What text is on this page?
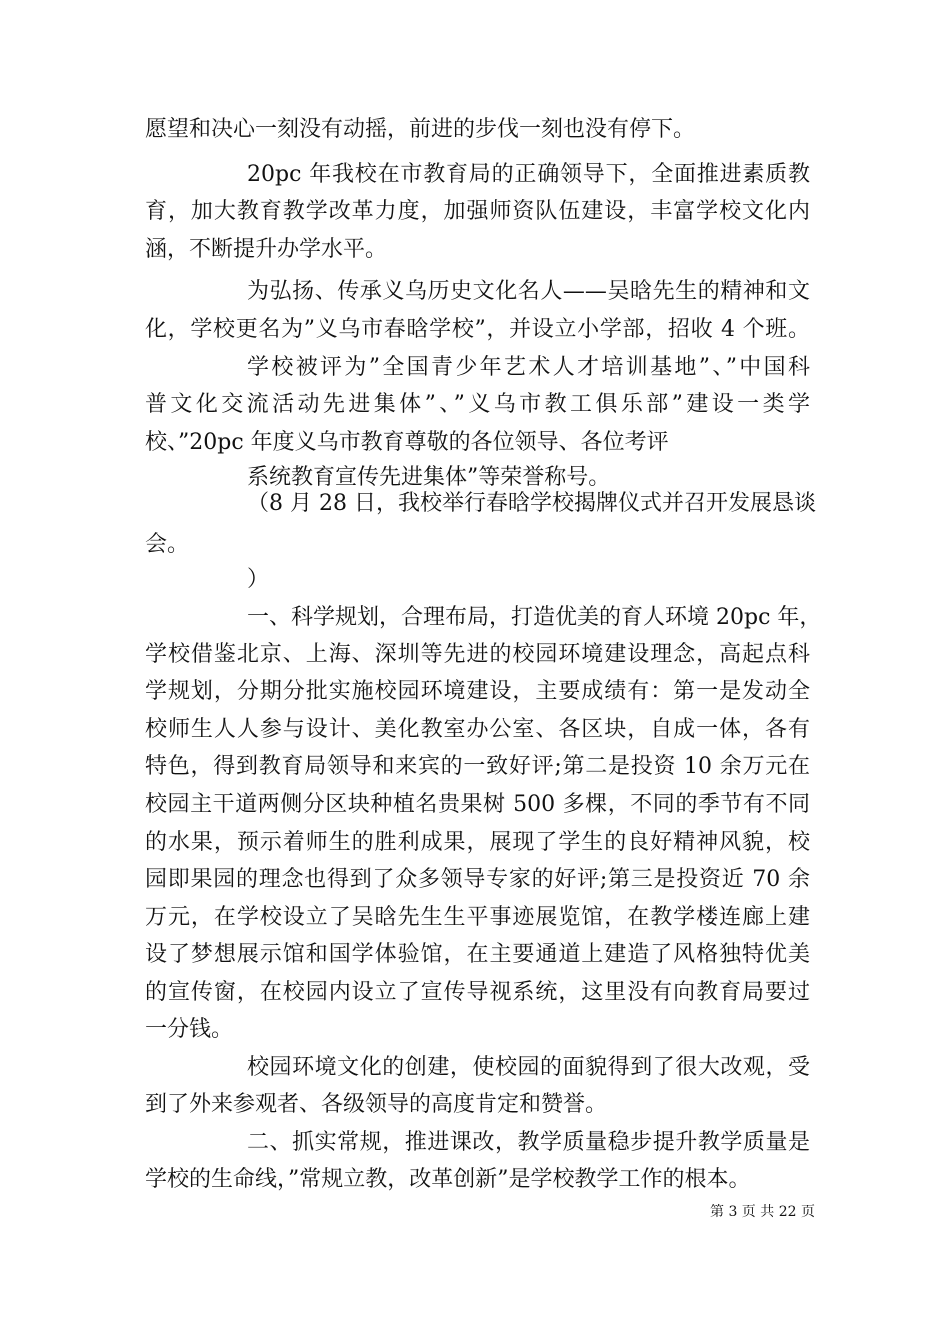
愿望和决心一刻没有动摇，前进的步伐一刻也没有停下。
20pc 年我校在市教育局的正确领导下，全面推进素质教
育，加大教育教学改革力度，加强师资队伍建设，丰富学校文化内
涵，不断提升办学水平。
为弘扬、传承义乌历史文化名人——吴晗先生的精神和文
化，学校更名为”义乌市春晗学校”，并设立小学部，招收 4 个班。
学校被评为”全国青少年艺术人才培训基地”、”中国科
普文化交流活动先进集体”、”义乌市教工俱乐部”建设一类学
校、”20pc 年度义乌市教育尊敬的各位领导、各位考评
系统教育宣传先进集体”等荣誉称号。
（8 月 28 日，我校举行春晗学校揭牌仪式并召开发展恳谈
会。
）
一、科学规划，合理布局，打造优美的育人环境 20pc 年，
学校借鉴北京、上海、深圳等先进的校园环境建设理念，高起点科
学规划，分期分批实施校园环境建设，主要成绩有：第一是发动全
校师生人人参与设计、美化教室办公室、各区块，自成一体，各有
特色，得到教育局领导和来宾的一致好评;第二是投资 10 余万元在
校园主干道两侧分区块种植名贵果树 500 多棵，不同的季节有不同
的水果，预示着师生的胜利成果，展现了学生的良好精神风貌，校
园即果园的理念也得到了众多领导专家的好评;第三是投资近 70 余
万元，在学校设立了吴晗先生生平事迹展览馆，在教学楼连廊上建
设了梦想展示馆和国学体验馆，在主要通道上建造了风格独特优美
的宣传窗，在校园内设立了宣传导视系统，这里没有向教育局要过
一分钱。
校园环境文化的创建，使校园的面貌得到了很大改观，受
到了外来参观者、各级领导的高度肯定和赞誉。
二、抓实常规，推进课改，教学质量稳步提升教学质量是
学校的生命线，”常规立教，改革创新”是学校教学工作的根本。
第 3 页 共 22 页
